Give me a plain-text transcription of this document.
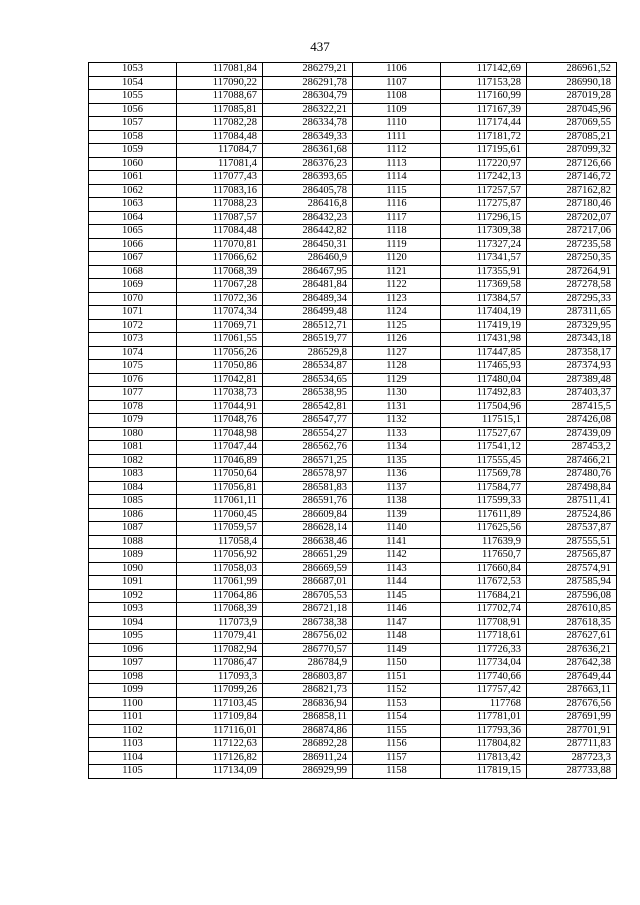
437
1053	117081,84	286279,21	1106	117142,69	286961,52
1054	117090,22	286291,78	1107	117153,28	286990,18
1055	117088,67	286304,79	1108	117160,99	287019,28
1056	117085,81	286322,21	1109	117167,39	287045,96
1057	117082,28	286334,78	1110	117174,44	287069,55
1058	117084,48	286349,33	1111	117181,72	287085,21
1059	117084,7	286361,68	1112	117195,61	287099,32
1060	117081,4	286376,23	1113	117220,97	287126,66
1061	117077,43	286393,65	1114	117242,13	287146,72
1062	117083,16	286405,78	1115	117257,57	287162,82
1063	117088,23	286416,8	1116	117275,87	287180,46
1064	117087,57	286432,23	1117	117296,15	287202,07
1065	117084,48	286442,82	1118	117309,38	287217,06
1066	117070,81	286450,31	1119	117327,24	287235,58
1067	117066,62	286460,9	1120	117341,57	287250,35
1068	117068,39	286467,95	1121	117355,91	287264,91
1069	117067,28	286481,84	1122	117369,58	287278,58
1070	117072,36	286489,34	1123	117384,57	287295,33
1071	117074,34	286499,48	1124	117404,19	287311,65
1072	117069,71	286512,71	1125	117419,19	287329,95
1073	117061,55	286519,77	1126	117431,98	287343,18
1074	117056,26	286529,8	1127	117447,85	287358,17
1075	117050,86	286534,87	1128	117465,93	287374,93
1076	117042,81	286534,65	1129	117480,04	287389,48
1077	117038,73	286538,95	1130	117492,83	287403,37
1078	117044,91	286542,81	1131	117504,96	287415,5
1079	117048,76	286547,77	1132	117515,1	287426,08
1080	117048,98	286554,27	1133	117527,67	287439,09
1081	117047,44	286562,76	1134	117541,12	287453,2
1082	117046,89	286571,25	1135	117555,45	287466,21
1083	117050,64	286578,97	1136	117569,78	287480,76
1084	117056,81	286581,83	1137	117584,77	287498,84
1085	117061,11	286591,76	1138	117599,33	287511,41
1086	117060,45	286609,84	1139	117611,89	287524,86
1087	117059,57	286628,14	1140	117625,56	287537,87
1088	117058,4	286638,46	1141	117639,9	287555,51
1089	117056,92	286651,29	1142	117650,7	287565,87
1090	117058,03	286669,59	1143	117660,84	287574,91
1091	117061,99	286687,01	1144	117672,53	287585,94
1092	117064,86	286705,53	1145	117684,21	287596,08
1093	117068,39	286721,18	1146	117702,74	287610,85
1094	117073,9	286738,38	1147	117708,91	287618,35
1095	117079,41	286756,02	1148	117718,61	287627,61
1096	117082,94	286770,57	1149	117726,33	287636,21
1097	117086,47	286784,9	1150	117734,04	287642,38
1098	117093,3	286803,87	1151	117740,66	287649,44
1099	117099,26	286821,73	1152	117757,42	287663,11
1100	117103,45	286836,94	1153	117768	287676,56
1101	117109,84	286858,11	1154	117781,01	287691,99
1102	117116,01	286874,86	1155	117793,36	287701,91
1103	117122,63	286892,28	1156	117804,82	287711,83
1104	117126,82	286911,24	1157	117813,42	287723,3
1105	117134,09	286929,99	1158	117819,15	287733,88
